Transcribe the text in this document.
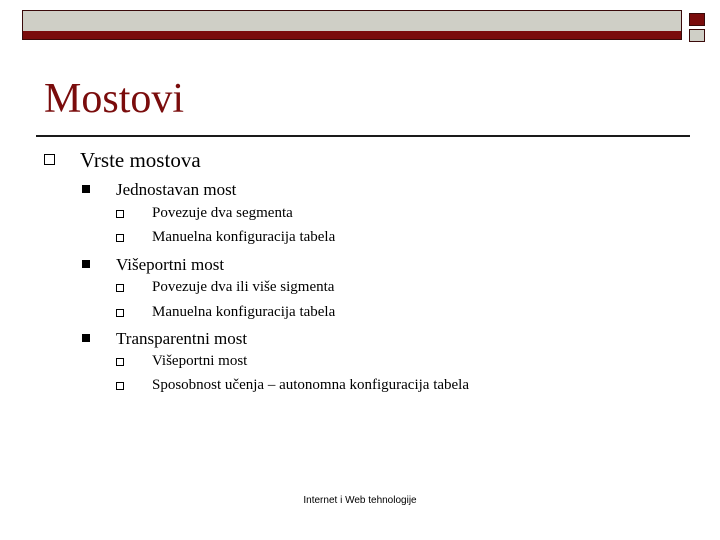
Mostovi
Vrste mostova
Jednostavan most
Povezuje dva segmenta
Manuelna konfiguracija tabela
Višeportni most
Povezuje dva ili više sigmenta
Manuelna konfiguracija tabela
Transparentni most
Višeportni most
Sposobnost učenja – autonomna konfiguracija tabela
Internet i Web tehnologije
